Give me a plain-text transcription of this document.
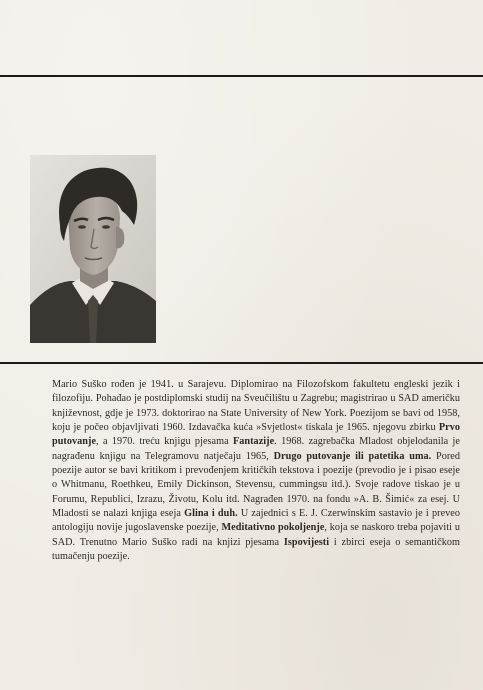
Mario Suško rođen je 1941. u Sarajevu. Diplomirao na Filozofskom fakultetu engleski jezik i filozofiju. Pohađao je postdiplomski studij na Sveučilištu u Zagrebu; magistrirao u SAD američku književnost, gdje je 1973. doktorirao na State University of New York. Poezijom se bavi od 1958, koju je počeo objavljivati 1960. Izdavačka kuća »Svjetlost« tiskala je 1965. njegovu zbirku Prvo putovanje, a 1970. treću knjigu pjesama Fantazije. 1968. zagrebačka Mladost objelodanila je nagrađenu knjigu na Telegramovu natječaju 1965, Drugo putovanje ili patetika uma. Pored poezije autor se bavi kritikom i prevođenjem kritičkih tekstova i poezije (prevodio je i pisao eseje o Whitmanu, Roethkeu, Emily Dickinson, Stevensu, cummingsu itd.). Svoje radove tiskao je u Forumu, Republici, Izrazu, Životu, Kolu itd. Nagrađen 1970. na fondu »A. B. Šimić« za esej. U Mladosti se nalazi knjiga eseja Glina i duh. U zajednici s E. J. Czerwinskim sastavio je i preveo antologiju novije jugoslavenske poezije, Meditativno pokoljenje, koja se naskoro treba pojaviti u SAD. Trenutno Mario Suško radi na knjizi pjesama Ispovijesti i zbirci eseja o semantičkom tumačenju poezije.
